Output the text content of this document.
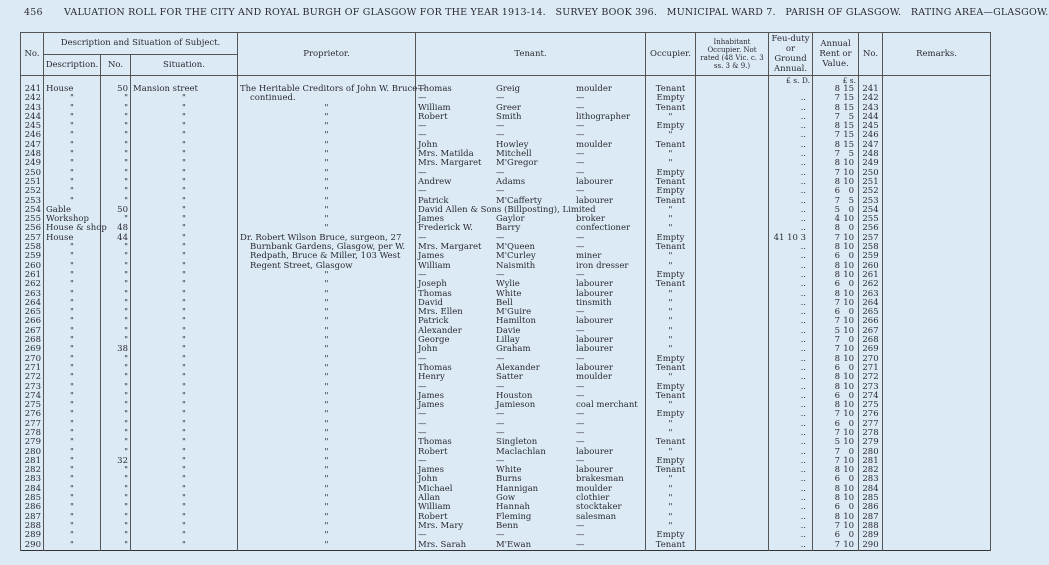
456 VALUATION ROLL FOR THE CITY AND ROYAL BURGH OF GLASGOW FOR THE YEAR 1913-14.   SURVEY BOOK 396.   MUNICIPAL WARD 7.   PARISH OF GLASGOW.   RATING AREA—GLASGOW.
No.	Description and Situation of Subject.			Proprietor.	Tenant.	Occupier.	Inhabitant Occupier. Not rated (48 Vic. c. 3 ss. 3 & 9.)	Feu-duty or Ground Annual.	Annual Rent or Value.	No.	Remarks.
	Description.	No.	Situation.								
								£ s. D.	£ s.		
241	House	50	Mansion street	The Heritable Creditors of John W. Bruce—	Thomas Greig moulder	Tenant			8 15	241	
242	"	"	"	continued.	— — —	Empty		..	7 15	242	
243	"	"	"	"	William Greer —	Tenant		..	8 15	243	
244	"	"	"	"	Robert Smith lithographer	"		..	7 5	244	
245	"	"	"	"	— — —	Empty		..	8 15	245	
246	"	"	"	"	— — —	"		..	7 15	246	
247	"	"	"	"	John Howley moulder	Tenant		..	8 15	247	
248	"	"	"	"	Mrs. Matilda Mitchell —	"		..	7 5	248	
249	"	"	"	"	Mrs. Margaret M'Gregor —	"		..	8 10	249	
250	"	"	"	"	— — —	Empty		..	7 10	250	
251	"	"	"	"	Andrew Adams labourer	Tenant		..	8 10	251	
252	"	"	"	"	— — —	Empty		..	6 0	252	
253	"	"	"	"	Patrick M'Cafferty labourer	Tenant		..	7 5	253	
254	Gable	50	"	"	David Allen & Sons (Billposting), Limited	"		..	5 0	254	
255	Workshop	"	"	"	James Gaylor broker	"		..	4 10	255	
256	House & shop	48	"	"	Frederick W. Barry confectioner	"		..	8 0	256	
257	House	44	"	Dr. Robert Wilson Bruce, surgeon, 27	— — —	Empty		41 10 3	7 10	257	
258	"	"	"	Burnbank Gardens, Glasgow, per W.	Mrs. Margaret M'Queen —	Tenant		..	8 10	258	
259	"	"	"	Redpath, Bruce & Miller, 103 West	James M'Curley miner	"		..	6 0	259	
260	"	"	"	Regent Street, Glasgow	William Naismith iron dresser	"		..	8 10	260	
261	"	"	"	"	— — —	Empty		..	8 10	261	
262	"	"	"	"	Joseph Wylie labourer	Tenant		..	6 0	262	
263	"	"	"	"	Thomas White labourer	"		..	8 10	263	
264	"	"	"	"	David Bell tinsmith	"		..	7 10	264	
265	"	"	"	"	Mrs. Ellen M'Guire —	"		..	6 0	265	
266	"	"	"	"	Patrick Hamilton labourer	"		..	7 10	266	
267	"	"	"	"	Alexander Davie —	"		..	5 10	267	
268	"	"	"	"	George Lillay labourer	"		..	7 0	268	
269	"	38	"	"	John Graham labourer	"		..	7 10	269	
270	"	"	"	"	— — —	Empty		..	8 10	270	
271	"	"	"	"	Thomas Alexander labourer	Tenant		..	6 0	271	
272	"	"	"	"	Henry Satter moulder	"		..	8 10	272	
273	"	"	"	"	— — —	Empty		..	8 10	273	
274	"	"	"	"	James Houston —	Tenant		..	6 0	274	
275	"	"	"	"	James Jamieson coal merchant	"		..	8 10	275	
276	"	"	"	"	— — —	Empty		..	7 10	276	
277	"	"	"	"	— — —	"		..	6 0	277	
278	"	"	"	"	— — —	"		..	7 10	278	
279	"	"	"	"	Thomas Singleton —	Tenant		..	5 10	279	
280	"	"	"	"	Robert Maclachlan labourer	"		..	7 0	280	
281	"	32	"	"	— — —	Empty		..	7 10	281	
282	"	"	"	"	James White labourer	Tenant		..	8 10	282	
283	"	"	"	"	John Burns brakesman	"		..	6 0	283	
284	"	"	"	"	Michael Hannigan moulder	"		..	8 10	284	
285	"	"	"	"	Allan Gow clothier	"		..	8 10	285	
286	"	"	"	"	William Hannah stocktaker	"		..	6 0	286	
287	"	"	"	"	Robert Fleming salesman	"		..	8 10	287	
288	"	"	"	"	Mrs. Mary Benn —	"		..	7 10	288	
289	"	"	"	"	— — —	Empty		..	6 0	289	
290	"	"	"	"	Mrs. Sarah M'Ewan —	Tenant		..	7 10	290	
